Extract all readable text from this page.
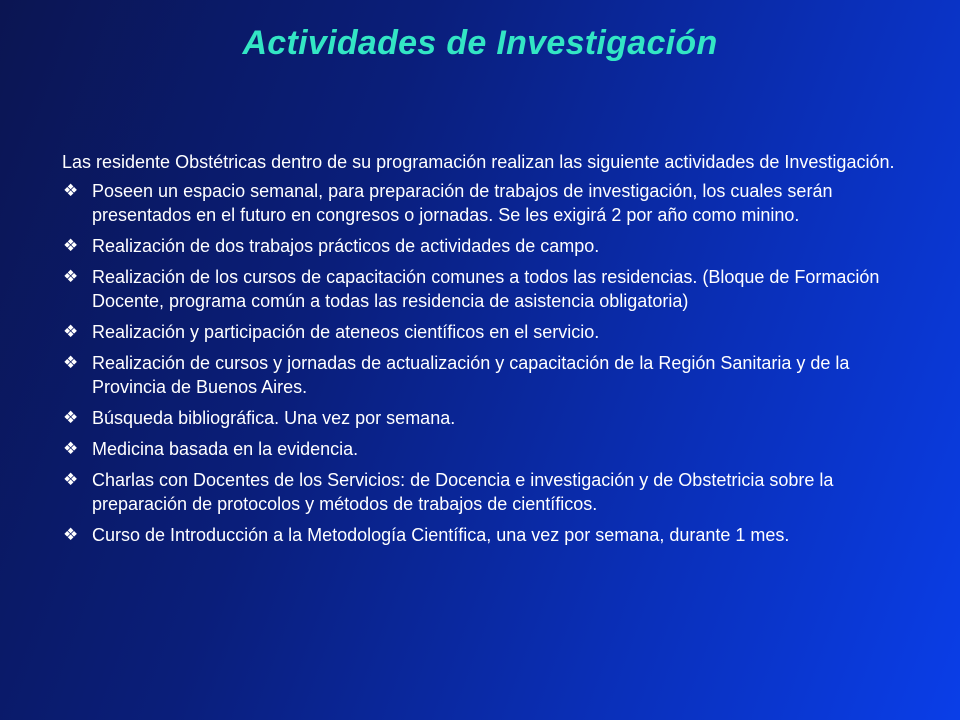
Actividades de Investigación

Las residente Obstétricas dentro de su programación realizan las siguiente actividades de Investigación.

❖ Poseen un espacio semanal, para preparación de trabajos de investigación, los cuales serán presentados en el futuro en congresos o jornadas. Se les exigirá 2 por año como minino.
❖ Realización de dos trabajos prácticos de actividades de campo.
❖ Realización de los cursos de capacitación comunes a todos las residencias. (Bloque de Formación Docente, programa común a todas las residencia de asistencia obligatoria)
❖ Realización y participación de ateneos científicos en el servicio.
❖ Realización de cursos y jornadas de actualización y capacitación de la Región Sanitaria y de la Provincia de Buenos Aires.
❖ Búsqueda bibliográfica. Una vez por semana.
❖ Medicina basada en la evidencia.
❖ Charlas con Docentes de los Servicios: de Docencia e investigación y de Obstetricia sobre la preparación de protocolos y métodos de trabajos de científicos.
❖ Curso de Introducción a la Metodología Científica, una vez por semana, durante 1 mes.
